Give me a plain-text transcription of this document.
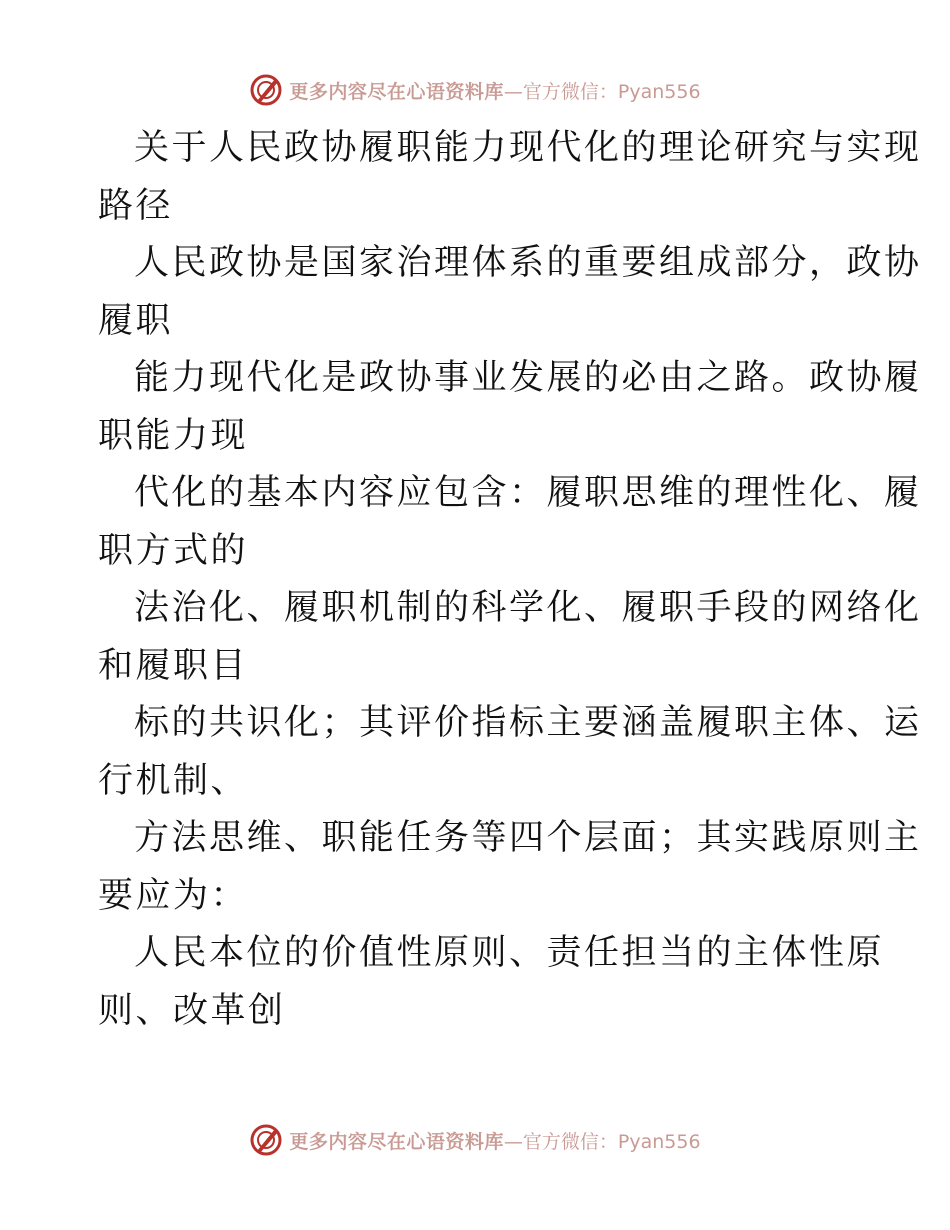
更多内容尽在心语资料库 —官方微信：Pyan556
关于人民政协履职能力现代化的理论研究与实现
路径
人民政协是国家治理体系的重要组成部分，政协
履职
能力现代化是政协事业发展的必由之路。政协履
职能力现
代化的基本内容应包含：履职思维的理性化、履
职方式的
法治化、履职机制的科学化、履职手段的网络化
和履职目
标的共识化；其评价指标主要涵盖履职主体、运
行机制、
方法思维、职能任务等四个层面；其实践原则主
要应为：
人民本位的价值性原则、责任担当的主体性原
则、改革创
更多内容尽在心语资料库 —官方微信：Pyan556
